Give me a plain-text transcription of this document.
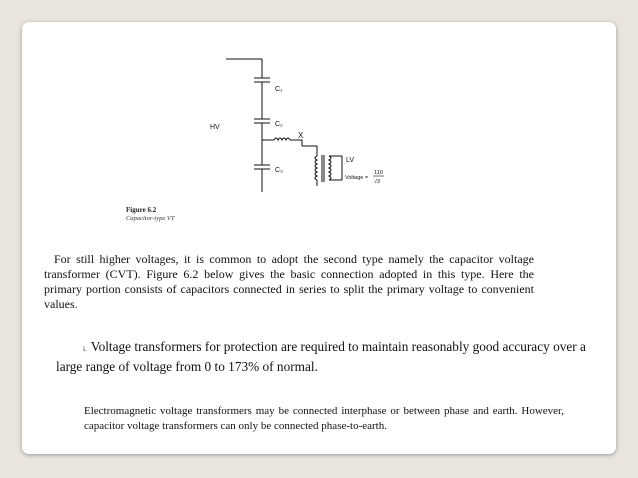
C₁
C₂
C₃
HV
X
LV
Voltage =
110
√3
Figure 6.2
Capacitor-type VT

For still higher voltages, it is common to adopt the second type namely the capacitor voltage transformer (CVT). Figure 6.2 below gives the basic connection adopted in this type. Here the primary portion consists of capacitors connected in series to split the primary voltage to convenient values.

i. Voltage transformers for protection are required to maintain reasonably good accuracy over a large range of voltage from 0 to 173% of normal.

Electromagnetic voltage transformers may be connected interphase or between phase and earth. However, capacitor voltage transformers can only be connected phase-to-earth.
